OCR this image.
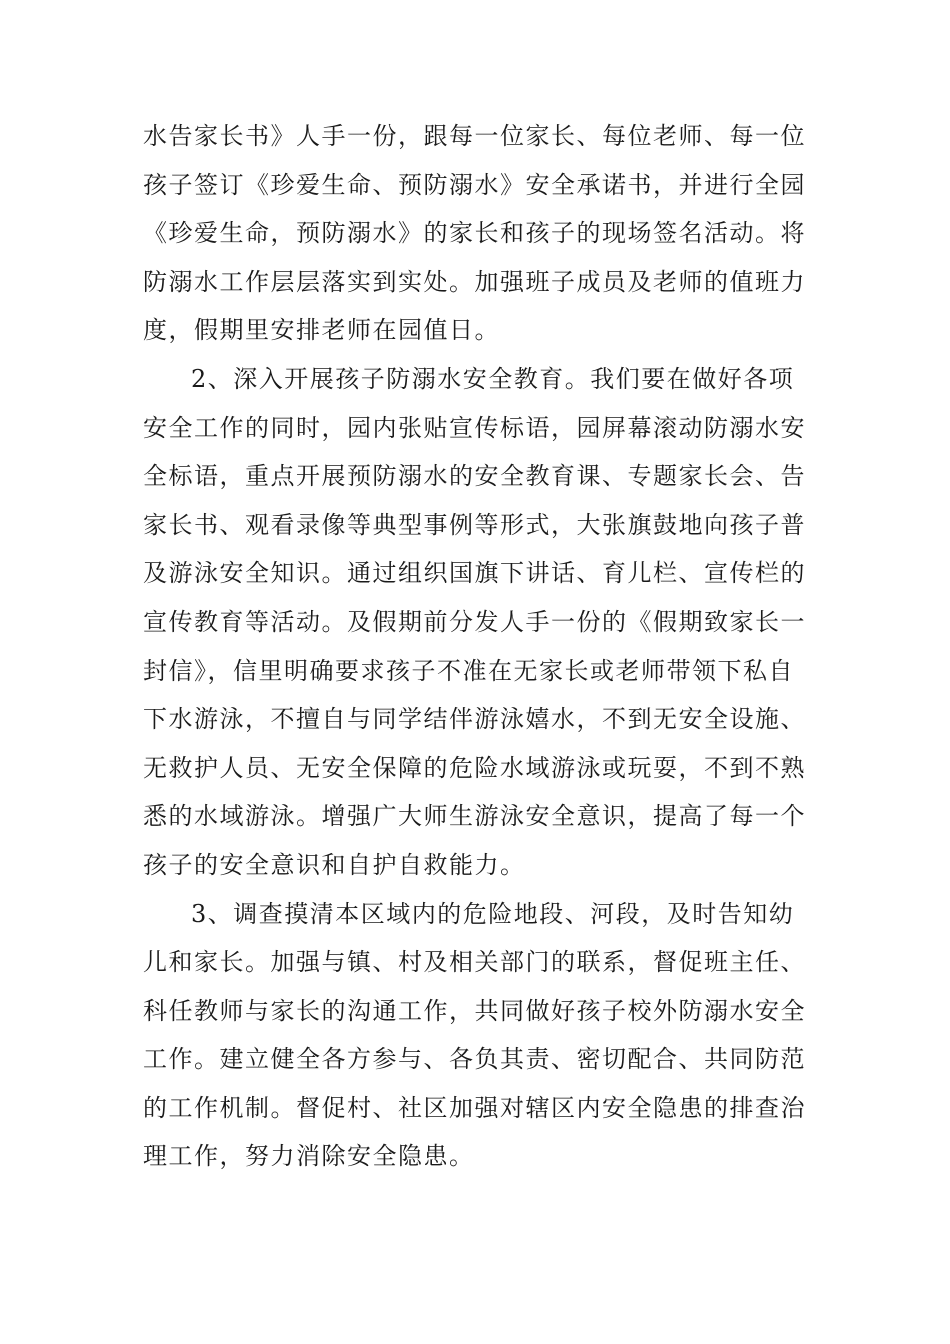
水告家长书》人手一份，跟每一位家长、每位老师、每一位
孩子签订《珍爱生命、预防溺水》安全承诺书，并进行全园
《珍爱生命，预防溺水》的家长和孩子的现场签名活动。将
防溺水工作层层落实到实处。加强班子成员及老师的值班力
度，假期里安排老师在园值日。
2、深入开展孩子防溺水安全教育。我们要在做好各项
安全工作的同时，园内张贴宣传标语，园屏幕滚动防溺水安
全标语，重点开展预防溺水的安全教育课、专题家长会、告
家长书、观看录像等典型事例等形式，大张旗鼓地向孩子普
及游泳安全知识。通过组织国旗下讲话、育儿栏、宣传栏的
宣传教育等活动。及假期前分发人手一份的《假期致家长一
封信》，信里明确要求孩子不准在无家长或老师带领下私自
下水游泳，不擅自与同学结伴游泳嬉水，不到无安全设施、
无救护人员、无安全保障的危险水域游泳或玩耍，不到不熟
悉的水域游泳。增强广大师生游泳安全意识，提高了每一个
孩子的安全意识和自护自救能力。
3、调查摸清本区域内的危险地段、河段，及时告知幼
儿和家长。加强与镇、村及相关部门的联系，督促班主任、
科任教师与家长的沟通工作，共同做好孩子校外防溺水安全
工作。建立健全各方参与、各负其责、密切配合、共同防范
的工作机制。督促村、社区加强对辖区内安全隐患的排查治
理工作，努力消除安全隐患。
